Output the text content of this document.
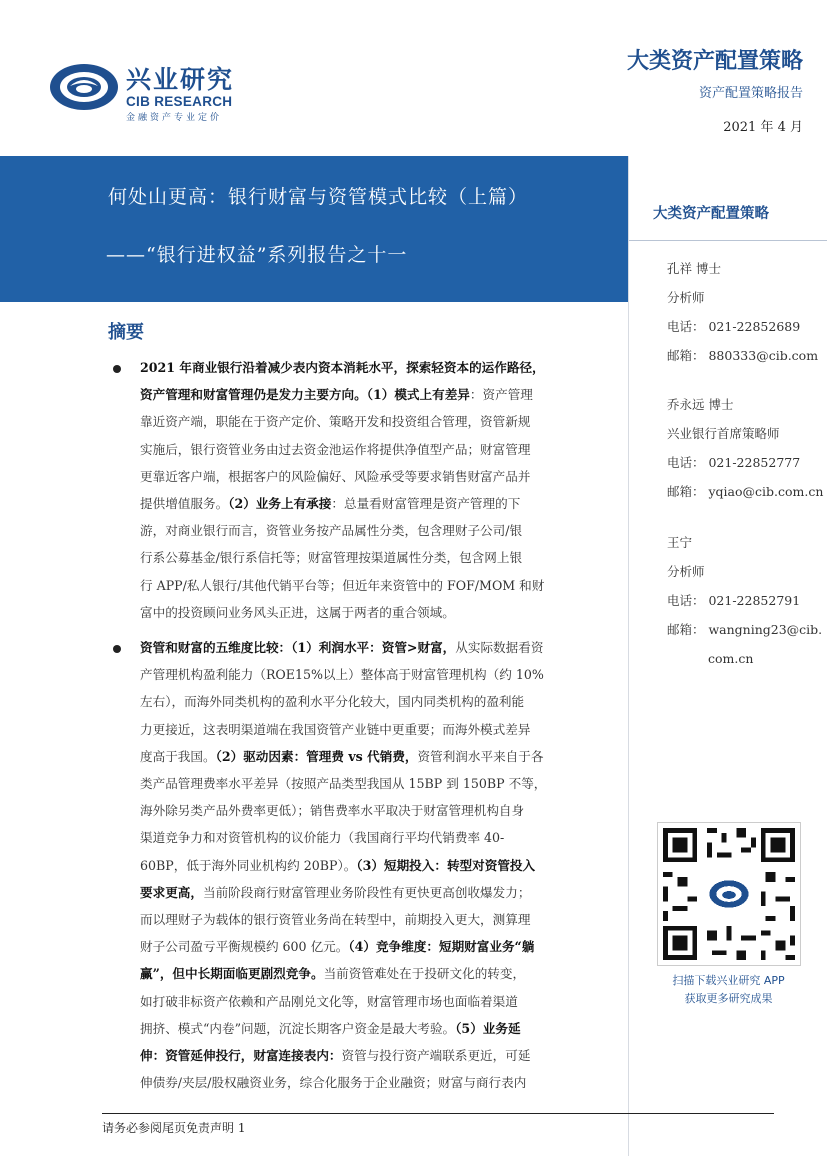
兴业研究
CIB RESEARCH
金融资产专业定价
大类资产配置策略
资产配置策略报告
2021 年 4 月
何处山更高：银行财富与资管模式比较（上篇）
——“银行进权益”系列报告之十一
大类资产配置策略
孔祥 博士
分析师
电话： 021-22852689
邮箱： 880333@cib.com
乔永远 博士
兴业银行首席策略师
电话： 021-22852777
邮箱： yqiao@cib.com.cn
王宁
分析师
电话： 021-22852791
邮箱： wangning23@cib.
com.cn
扫描下载兴业研究 APP
获取更多研究成果
摘要
2021 年商业银行沿着减少表内资本消耗水平，探索轻资本的运作路径，
资产管理和财富管理仍是发力主要方向。（1）模式上有差异：资产管理
靠近资产端，职能在于资产定价、策略开发和投资组合管理，资管新规
实施后，银行资管业务由过去资金池运作将提供净值型产品；财富管理
更靠近客户端，根据客户的风险偏好、风险承受等要求销售财富产品并
提供增值服务。（2）业务上有承接：总量看财富管理是资产管理的下
游，对商业银行而言，资管业务按产品属性分类，包含理财子公司/银
行系公募基金/银行系信托等；财富管理按渠道属性分类，包含网上银
行 APP/私人银行/其他代销平台等；但近年来资管中的 FOF/MOM 和财
富中的投资顾问业务风头正进，这属于两者的重合领域。
资管和财富的五维度比较：（1）利润水平：资管>财富，从实际数据看资
产管理机构盈利能力（ROE15%以上）整体高于财富管理机构（约 10%
左右），而海外同类机构的盈利水平分化较大，国内同类机构的盈利能
力更接近，这表明渠道端在我国资管产业链中更重要；而海外模式差异
度高于我国。（2）驱动因素：管理费 vs 代销费，资管利润水平来自于各
类产品管理费率水平差异（按照产品类型我国从 15BP 到 150BP 不等，
海外除另类产品外费率更低）；销售费率水平取决于财富管理机构自身
渠道竞争力和对资管机构的议价能力（我国商行平均代销费率 40-
60BP，低于海外同业机构约 20BP）。（3）短期投入：转型对资管投入
要求更高，当前阶段商行财富管理业务阶段性有更快更高创收爆发力；
而以理财子为载体的银行资管业务尚在转型中，前期投入更大，测算理
财子公司盈亏平衡规模约 600 亿元。（4）竞争维度：短期财富业务“躺
赢”，但中长期面临更剧烈竞争。当前资管难处在于投研文化的转变，
如打破非标资产依赖和产品刚兑文化等，财富管理市场也面临着渠道
拥挤、模式“内卷”问题，沉淀长期客户资金是最大考验。（5）业务延
伸：资管延伸投行，财富连接表内：资管与投行资产端联系更近，可延
伸债券/夹层/股权融资业务，综合化服务于企业融资；财富与商行表内
请务必参阅尾页免责声明 1
